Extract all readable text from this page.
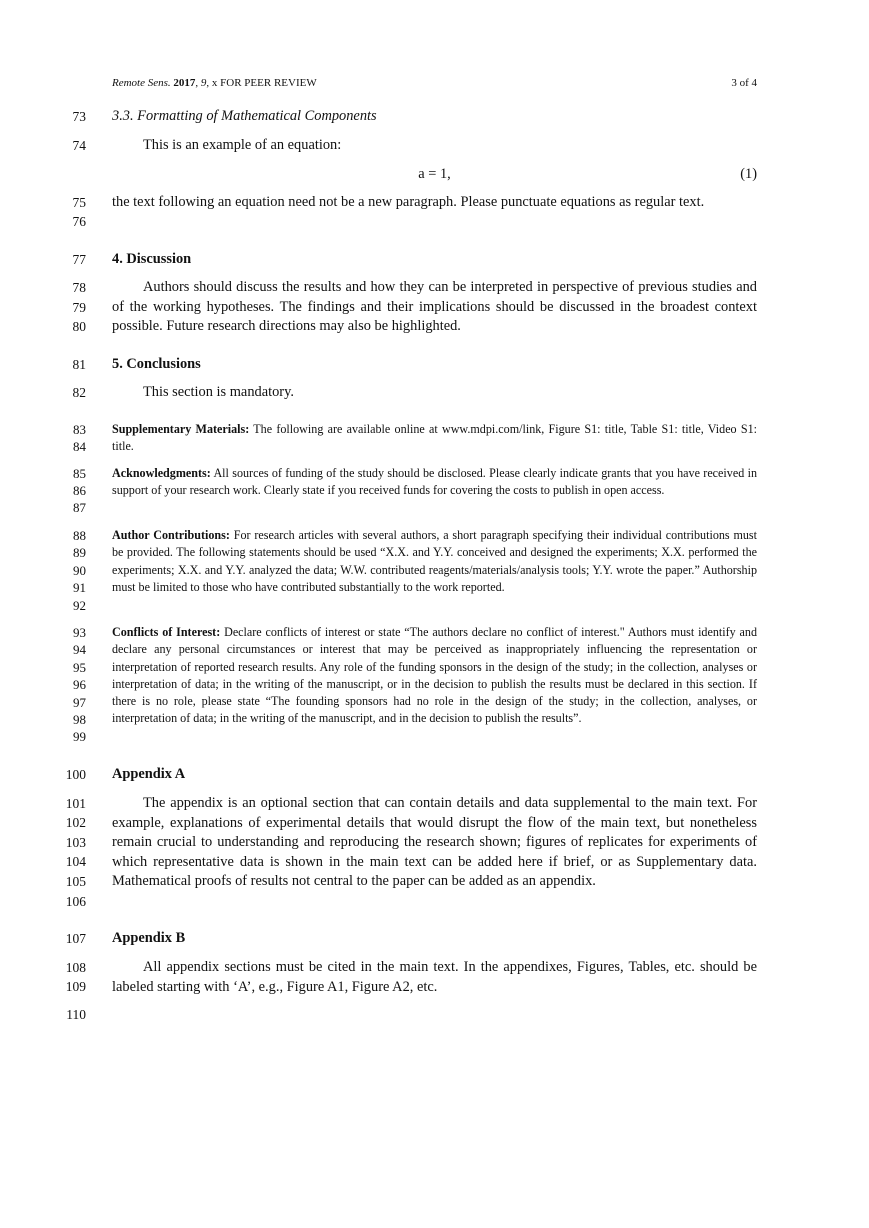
Remote Sens. 2017, 9, x FOR PEER REVIEW	3 of 4
73
74
75
76
77
78
79
80
81
82
83
84
85
86
87
88
89
90
91
92
93
94
95
96
97
98
99
100
101
102
103
104
105
106
107
108
109
110
3.3. Formatting of Mathematical Components
This is an example of an equation:
a = 1,	(1)
the text following an equation need not be a new paragraph. Please punctuate equations as regular text.
4. Discussion
Authors should discuss the results and how they can be interpreted in perspective of previous studies and of the working hypotheses. The findings and their implications should be discussed in the broadest context possible. Future research directions may also be highlighted.
5. Conclusions
This section is mandatory.
Supplementary Materials: The following are available online at www.mdpi.com/link, Figure S1: title, Table S1: title, Video S1: title.
Acknowledgments: All sources of funding of the study should be disclosed. Please clearly indicate grants that you have received in support of your research work. Clearly state if you received funds for covering the costs to publish in open access.
Author Contributions: For research articles with several authors, a short paragraph specifying their individual contributions must be provided. The following statements should be used “X.X. and Y.Y. conceived and designed the experiments; X.X. performed the experiments; X.X. and Y.Y. analyzed the data; W.W. contributed reagents/materials/analysis tools; Y.Y. wrote the paper.” Authorship must be limited to those who have contributed substantially to the work reported.
Conflicts of Interest: Declare conflicts of interest or state “The authors declare no conflict of interest." Authors must identify and declare any personal circumstances or interest that may be perceived as inappropriately influencing the representation or interpretation of reported research results. Any role of the funding sponsors in the design of the study; in the collection, analyses or interpretation of data; in the writing of the manuscript, or in the decision to publish the results must be declared in this section. If there is no role, please state “The founding sponsors had no role in the design of the study; in the collection, analyses, or interpretation of data; in the writing of the manuscript, and in the decision to publish the results”.
Appendix A
The appendix is an optional section that can contain details and data supplemental to the main text. For example, explanations of experimental details that would disrupt the flow of the main text, but nonetheless remain crucial to understanding and reproducing the research shown; figures of replicates for experiments of which representative data is shown in the main text can be added here if brief, or as Supplementary data. Mathematical proofs of results not central to the paper can be added as an appendix.
Appendix B
All appendix sections must be cited in the main text. In the appendixes, Figures, Tables, etc. should be labeled starting with ‘A’, e.g., Figure A1, Figure A2, etc.
